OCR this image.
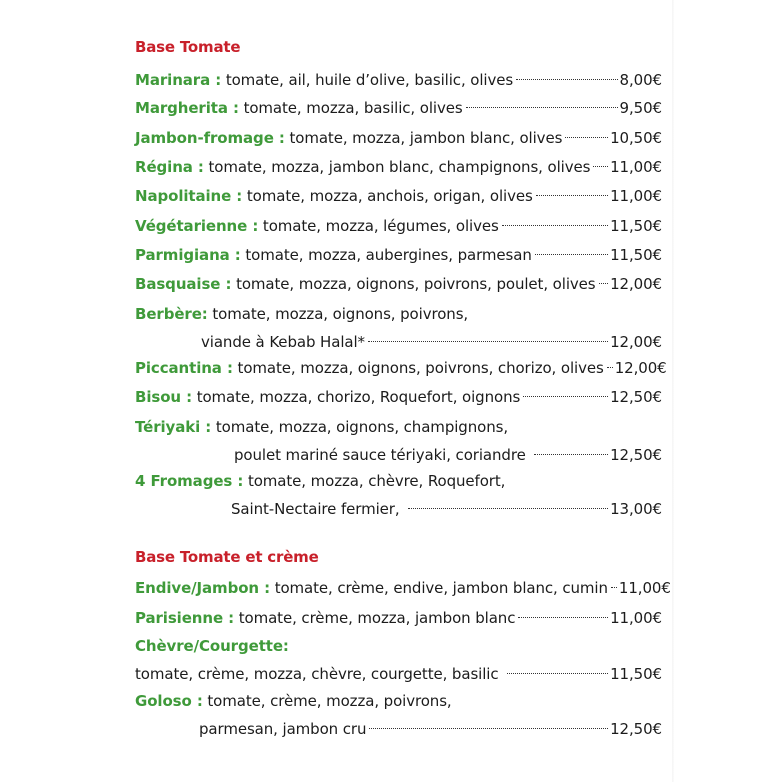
Base Tomate
Marinara :
tomate, ail, huile d’olive, basilic, olives	8,00€
Margherita :
tomate, mozza, basilic, olives	9,50€
Jambon-fromage :
tomate, mozza, jambon blanc, olives	10,50€
Régina :
tomate, mozza, jambon blanc, champignons, olives 11,00€
Napolitaine :
tomate, mozza, anchois, origan, olives	11,00€
Végétarienne :
tomate, mozza, légumes, olives	11,50€
Parmigiana :
tomate, mozza, aubergines, parmesan	11,50€
Basquaise :
tomate, mozza, oignons, poivrons, poulet, olives 12,00€
Berbère:
tomate, mozza, oignons, poivrons,
viande à Kebab Halal*	12,00€
Piccantina :
tomate, mozza, oignons, poivrons, chorizo, olives 12,00€
Bisou :
tomate, mozza, chorizo, Roquefort, oignons	12,50€
Tériyaki :
tomate, mozza, oignons, champignons,
poulet mariné sauce tériyaki, coriandre	12,50€
4 Fromages :
tomate, mozza, chèvre, Roquefort,
Saint-Nectaire fermier,	13,00€
Base Tomate et crème
Endive/Jambon :
tomate, crème, endive, jambon blanc, cumin 11,00€
Parisienne :
tomate, crème, mozza, jambon blanc	11,00€
Chèvre/Courgette:
tomate, crème, mozza, chèvre, courgette, basilic	11,50€
Goloso :
tomate, crème, mozza, poivrons,
parmesan, jambon cru	12,50€
